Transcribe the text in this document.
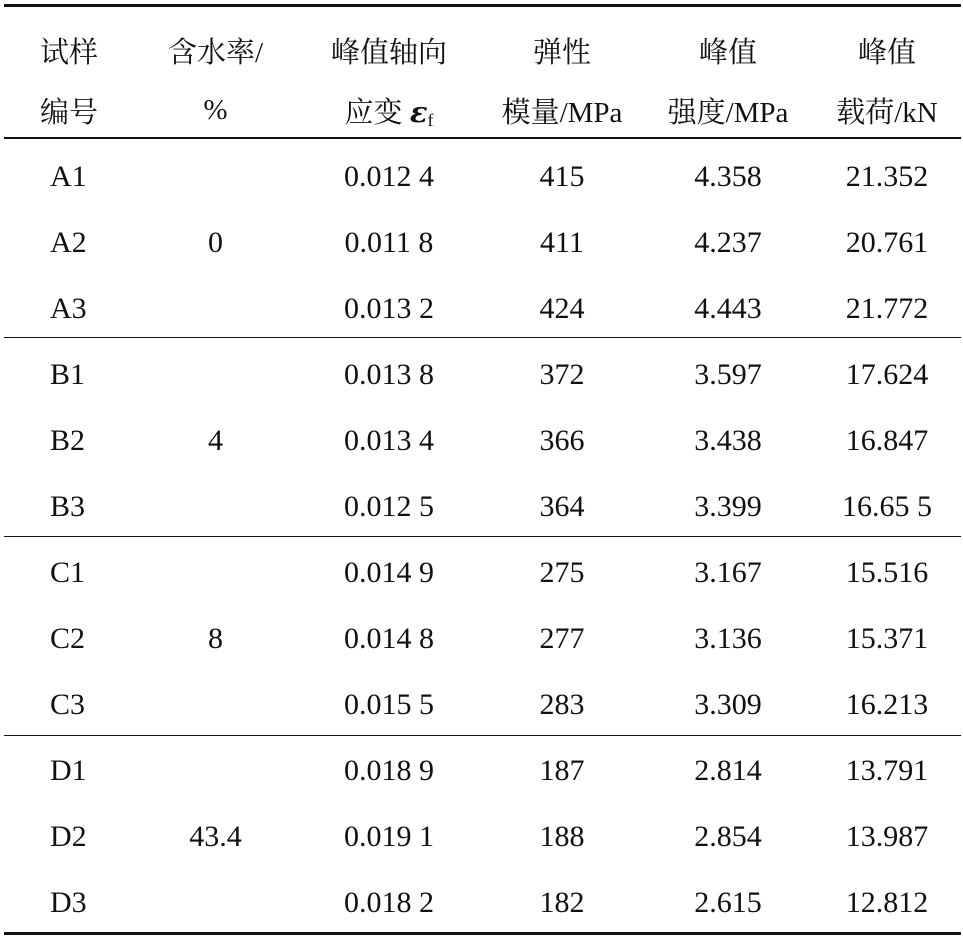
试样	含水率/	峰值轴向	弹性	峰值	峰值
编号	%	应变 $\varepsilon_f$	模量/MPa	强度/MPa	载荷/kN
A1	0	0.012 4	415	4.358	21.352
A2		0.011 8	411	4.237	20.761
A3		0.013 2	424	4.443	21.772
B1	4	0.013 8	372	3.597	17.624
B2		0.013 4	366	3.438	16.847
B3		0.012 5	364	3.399	16.65 5
C1	8	0.014 9	275	3.167	15.516
C2		0.014 8	277	3.136	15.371
C3		0.015 5	283	3.309	16.213
D1	43.4	0.018 9	187	2.814	13.791
D2		0.019 1	188	2.854	13.987
D3		0.018 2	182	2.615	12.812
